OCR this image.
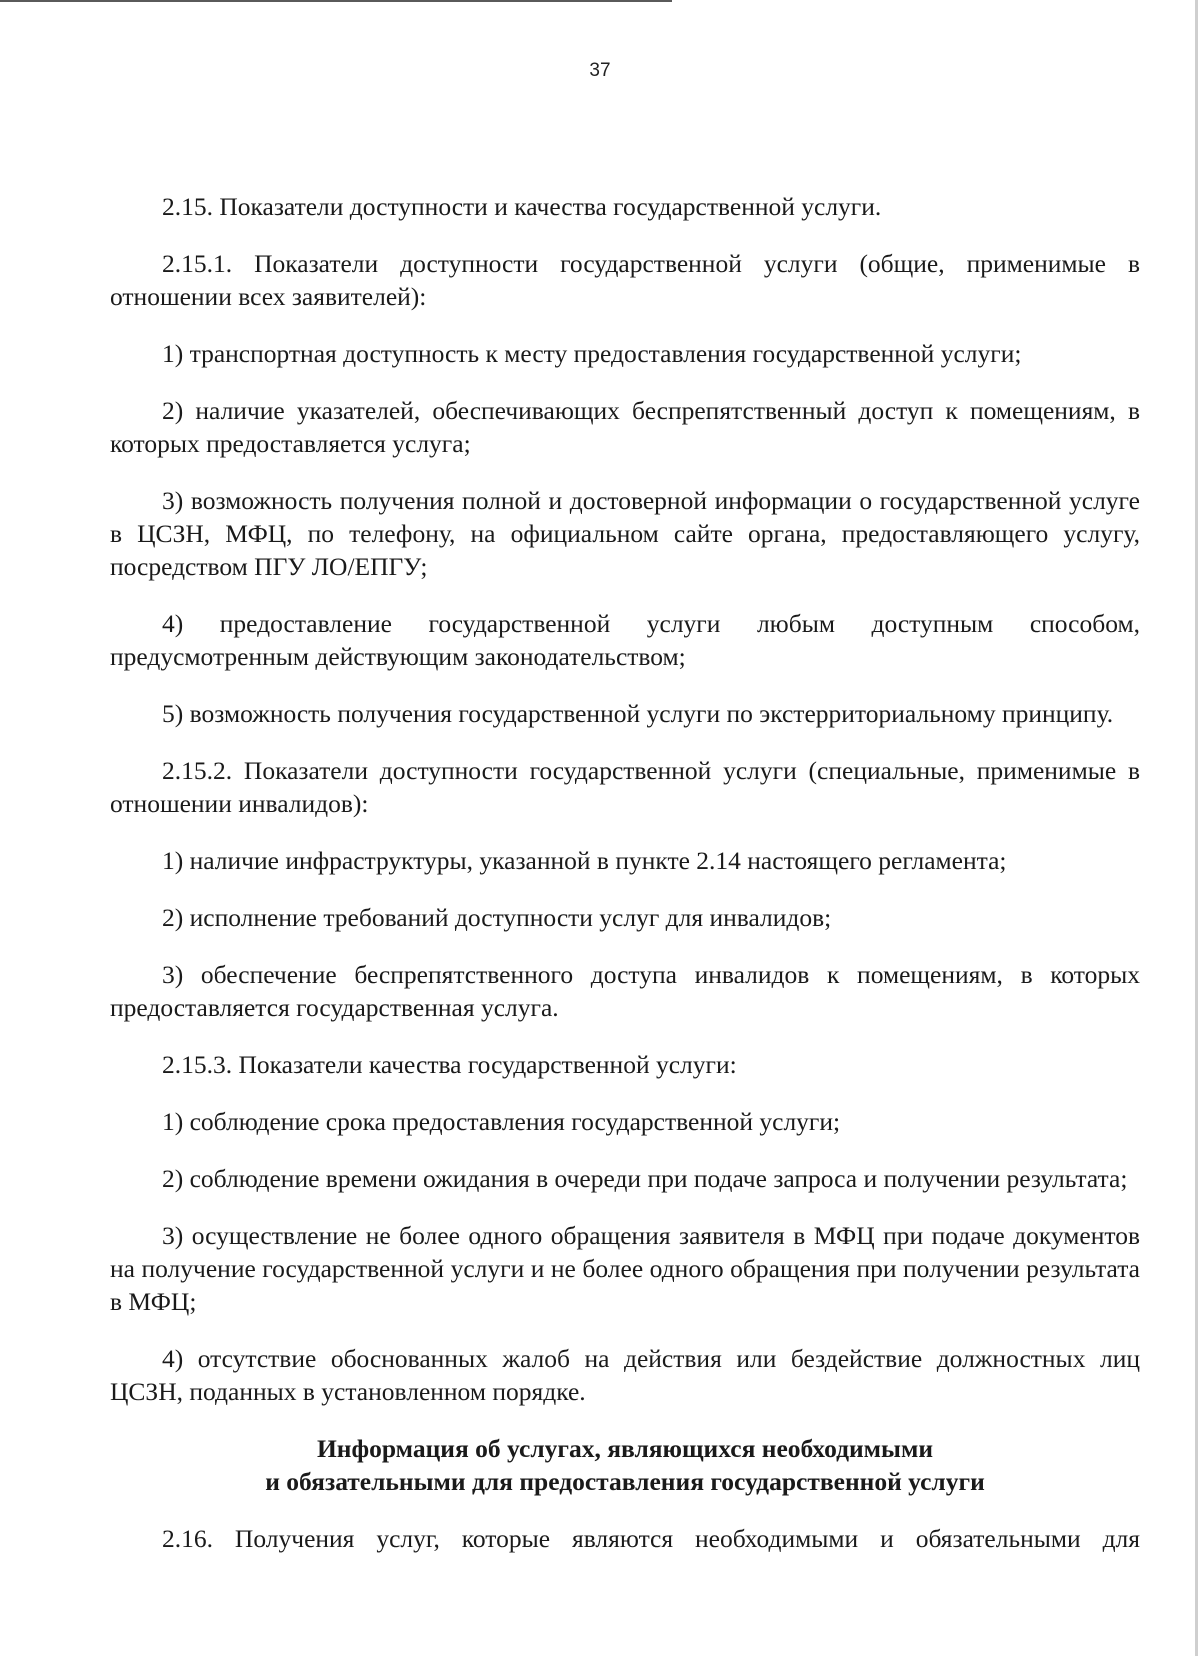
37

2.15. Показатели доступности и качества государственной услуги.

2.15.1. Показатели доступности государственной услуги (общие, применимые в отношении всех заявителей):

1) транспортная доступность к месту предоставления государственной услуги;

2) наличие указателей, обеспечивающих беспрепятственный доступ к помещениям, в которых предоставляется услуга;

3) возможность получения полной и достоверной информации о государственной услуге в ЦСЗН, МФЦ, по телефону, на официальном сайте органа, предоставляющего услугу, посредством ПГУ ЛО/ЕПГУ;

4) предоставление государственной услуги любым доступным способом, предусмотренным действующим законодательством;

5) возможность получения государственной услуги по экстерриториальному принципу.

2.15.2. Показатели доступности государственной услуги (специальные, применимые в отношении инвалидов):

1) наличие инфраструктуры, указанной в пункте 2.14 настоящего регламента;

2) исполнение требований доступности услуг для инвалидов;

3) обеспечение беспрепятственного доступа инвалидов к помещениям, в которых предоставляется государственная услуга.

2.15.3. Показатели качества государственной услуги:

1) соблюдение срока предоставления государственной услуги;

2) соблюдение времени ожидания в очереди при подаче запроса и получении результата;

3) осуществление не более одного обращения заявителя в МФЦ при подаче документов на получение государственной услуги и не более одного обращения при получении результата в МФЦ;

4) отсутствие обоснованных жалоб на действия или бездействие должностных лиц ЦСЗН, поданных в установленном порядке.

Информация об услугах, являющихся необходимыми
и обязательными для предоставления государственной услуги

2.16. Получения услуг, которые являются необходимыми и обязательными для
